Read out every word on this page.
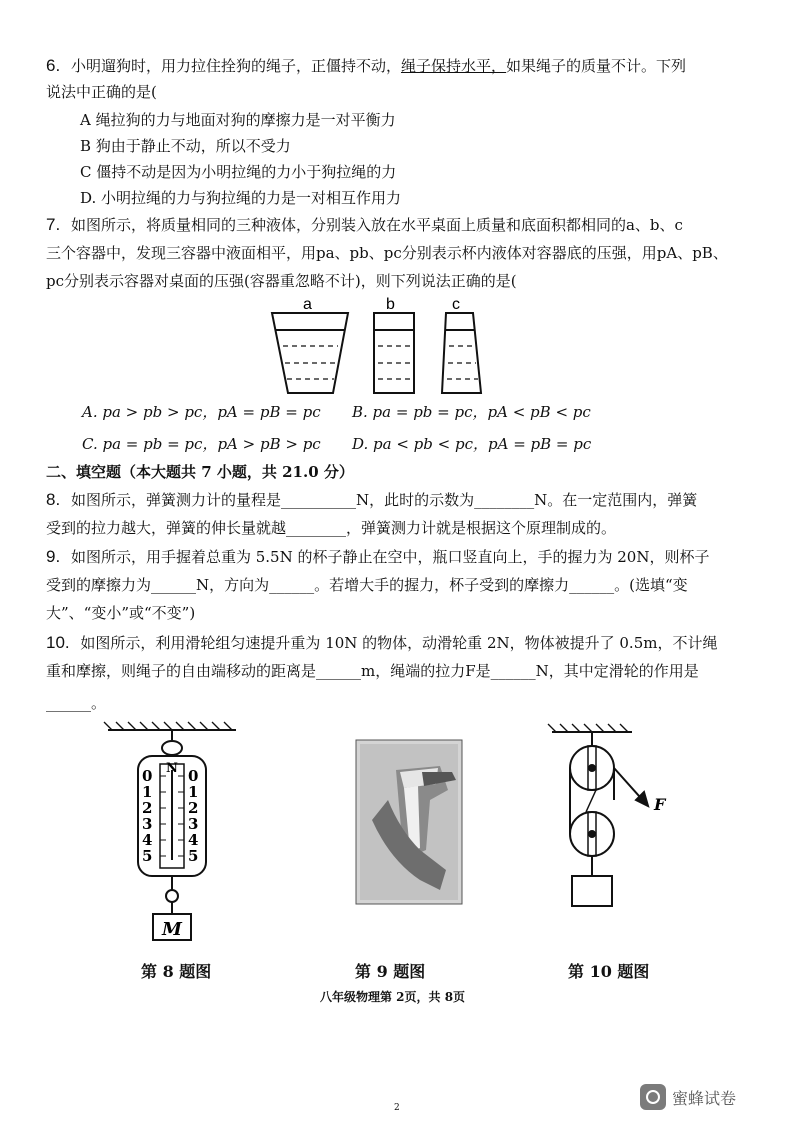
6. 小明遛狗时，用力拉住拴狗的绳子，正僵持不动，绳子保持水平，如果绳子的质量不计。下列
说法中正确的是(
A 绳拉狗的力与地面对狗的摩擦力是一对平衡力
B 狗由于静止不动，所以不受力
C 僵持不动是因为小明拉绳的力小于狗拉绳的力
D. 小明拉绳的力与狗拉绳的力是一对相互作用力
7. 如图所示，将质量相同的三种液体，分别装入放在水平桌面上质量和底面积都相同的a、b、c
三个容器中，发现三容器中液面相平，用pa、pb、pc分别表示杯内液体对容器底的压强，用pA、pB、
pc分别表示容器对桌面的压强(容器重忽略不计)，则下列说法正确的是(
a	b	c
A. pa > pb > pc，pA = pB = pc B. pa = pb = pc，pA < pB < pc
C. pa = pb = pc，pA > pB > pc D. pa < pb < pc，pA = pB = pc
二、填空题（本大题共 7 小题，共 21.0 分）
8. 如图所示，弹簧测力计的量程是__________N，此时的示数为________N。在一定范围内，弹簧
受到的拉力越大，弹簧的伸长量就越________，弹簧测力计就是根据这个原理制成的。
9. 如图所示，用手握着总重为 5.5N 的杯子静止在空中，瓶口竖直向上，手的握力为 20N，则杯子
受到的摩擦力为______N，方向为______。若增大手的握力，杯子受到的摩擦力______。(选填“变
大”、“变小”或“不变”)
10. 如图所示，利用滑轮组匀速提升重为 10N 的物体，动滑轮重 2N，物体被提升了 0.5m，不计绳
重和摩擦，则绳子的自由端移动的距离是______m，绳端的拉力F是______N，其中定滑轮的作用是
______。
N
0
1
2
3
4
5
0
1
2
3
4
5
M
F
第 8 题图	第 9 题图	第 10 题图
八年级物理第 2页，共 8页
2
蜜蜂试卷
